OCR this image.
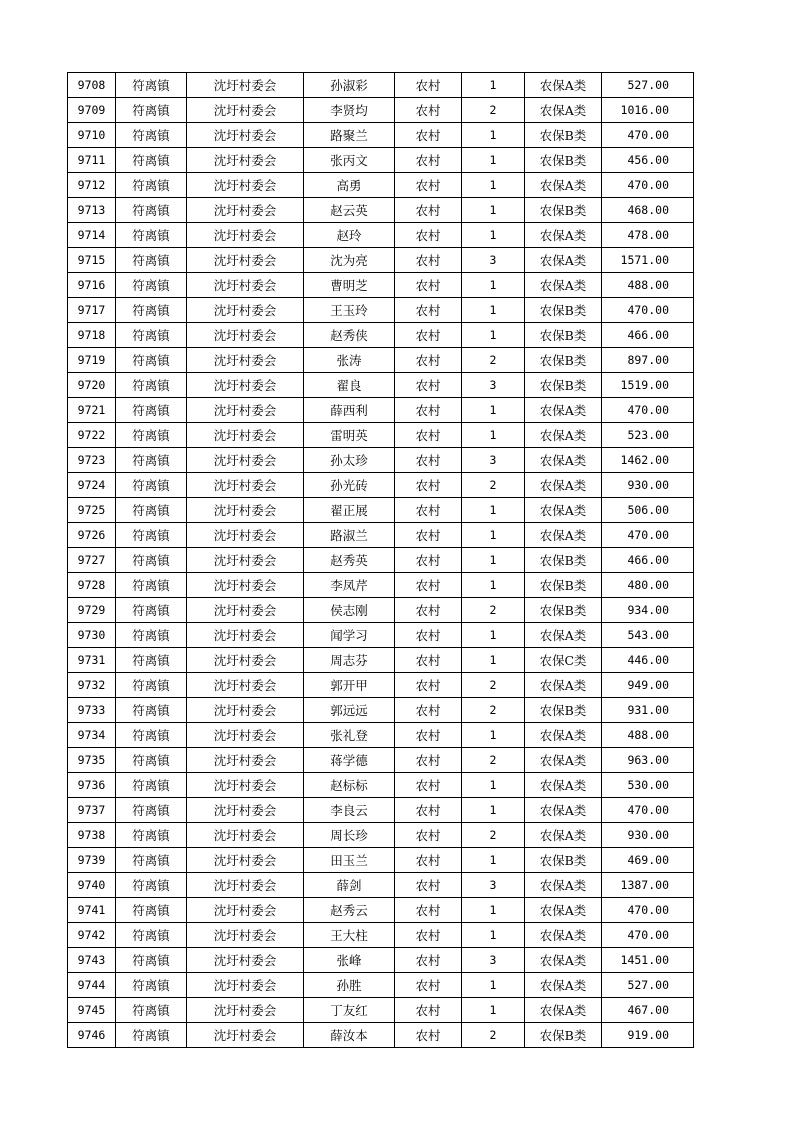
9708	符离镇	沈圩村委会	孙淑彩	农村	1	农保A类	527.00
9709	符离镇	沈圩村委会	李贤均	农村	2	农保A类	1016.00
9710	符离镇	沈圩村委会	路聚兰	农村	1	农保B类	470.00
9711	符离镇	沈圩村委会	张丙文	农村	1	农保B类	456.00
9712	符离镇	沈圩村委会	高勇	农村	1	农保A类	470.00
9713	符离镇	沈圩村委会	赵云英	农村	1	农保B类	468.00
9714	符离镇	沈圩村委会	赵玲	农村	1	农保A类	478.00
9715	符离镇	沈圩村委会	沈为亮	农村	3	农保A类	1571.00
9716	符离镇	沈圩村委会	曹明芝	农村	1	农保A类	488.00
9717	符离镇	沈圩村委会	王玉玲	农村	1	农保B类	470.00
9718	符离镇	沈圩村委会	赵秀侠	农村	1	农保B类	466.00
9719	符离镇	沈圩村委会	张涛	农村	2	农保B类	897.00
9720	符离镇	沈圩村委会	翟良	农村	3	农保B类	1519.00
9721	符离镇	沈圩村委会	薛西利	农村	1	农保A类	470.00
9722	符离镇	沈圩村委会	雷明英	农村	1	农保A类	523.00
9723	符离镇	沈圩村委会	孙太珍	农村	3	农保A类	1462.00
9724	符离镇	沈圩村委会	孙光砖	农村	2	农保A类	930.00
9725	符离镇	沈圩村委会	翟正展	农村	1	农保A类	506.00
9726	符离镇	沈圩村委会	路淑兰	农村	1	农保A类	470.00
9727	符离镇	沈圩村委会	赵秀英	农村	1	农保B类	466.00
9728	符离镇	沈圩村委会	李凤芹	农村	1	农保B类	480.00
9729	符离镇	沈圩村委会	侯志刚	农村	2	农保B类	934.00
9730	符离镇	沈圩村委会	闻学习	农村	1	农保A类	543.00
9731	符离镇	沈圩村委会	周志芬	农村	1	农保C类	446.00
9732	符离镇	沈圩村委会	郭开甲	农村	2	农保A类	949.00
9733	符离镇	沈圩村委会	郭远远	农村	2	农保B类	931.00
9734	符离镇	沈圩村委会	张礼登	农村	1	农保A类	488.00
9735	符离镇	沈圩村委会	蒋学德	农村	2	农保A类	963.00
9736	符离镇	沈圩村委会	赵标标	农村	1	农保A类	530.00
9737	符离镇	沈圩村委会	李良云	农村	1	农保A类	470.00
9738	符离镇	沈圩村委会	周长珍	农村	2	农保A类	930.00
9739	符离镇	沈圩村委会	田玉兰	农村	1	农保B类	469.00
9740	符离镇	沈圩村委会	薛剑	农村	3	农保A类	1387.00
9741	符离镇	沈圩村委会	赵秀云	农村	1	农保A类	470.00
9742	符离镇	沈圩村委会	王大柱	农村	1	农保A类	470.00
9743	符离镇	沈圩村委会	张峰	农村	3	农保A类	1451.00
9744	符离镇	沈圩村委会	孙胜	农村	1	农保A类	527.00
9745	符离镇	沈圩村委会	丁友红	农村	1	农保A类	467.00
9746	符离镇	沈圩村委会	薛汝本	农村	2	农保B类	919.00
